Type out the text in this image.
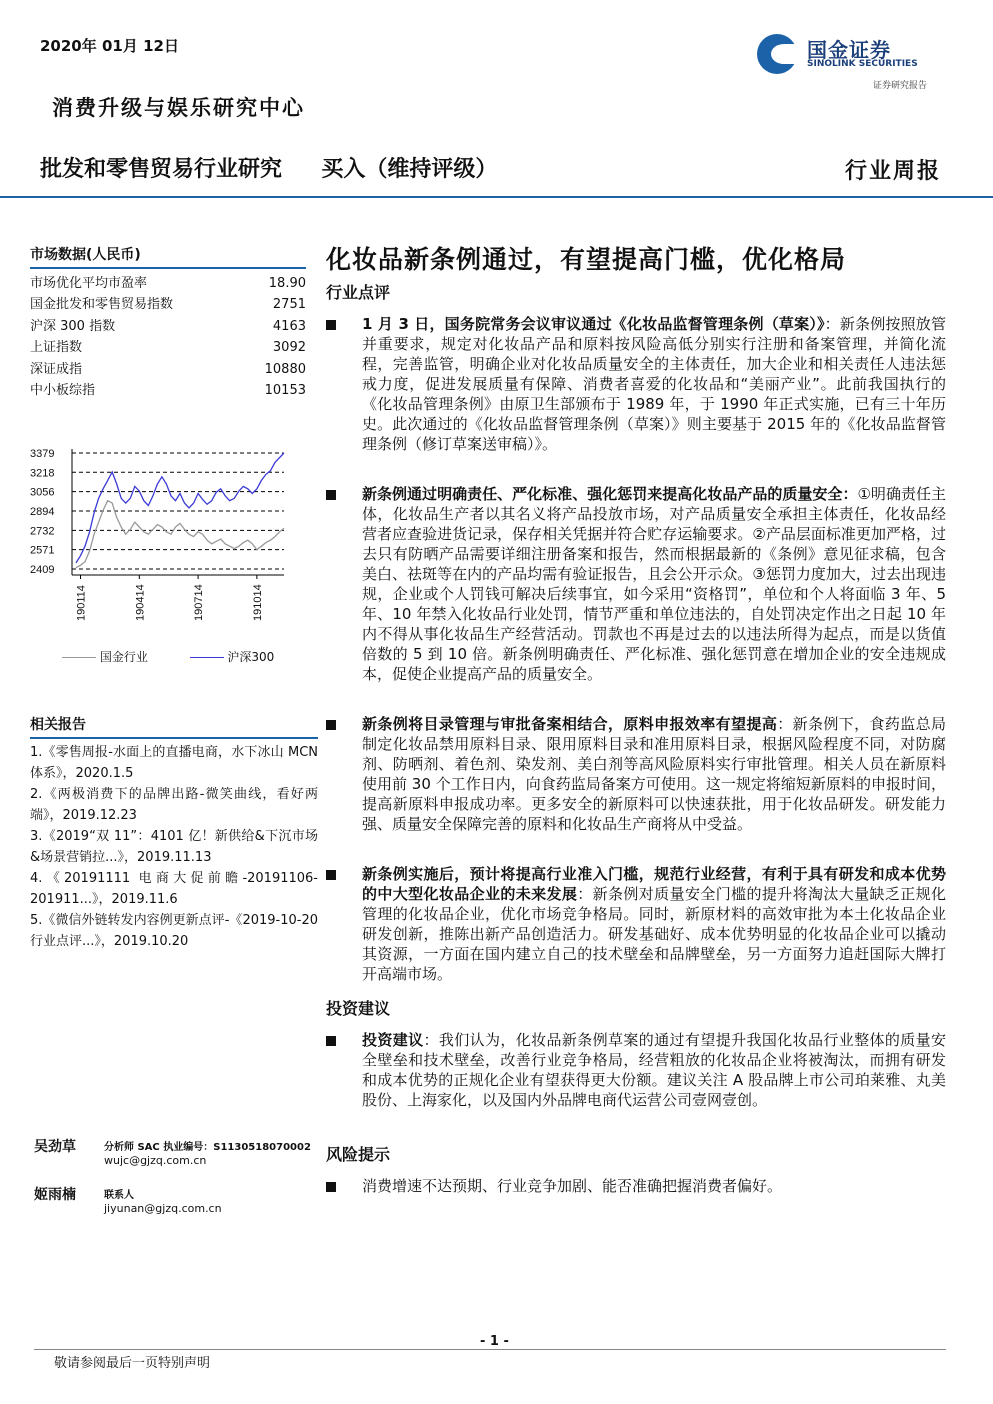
2020年 01月 12日
消费升级与娱乐研究中心
国金证券
SINOLINK SECURITIES
证券研究报告
批发和零售贸易行业研究 买入（维持评级）	行业周报
市场数据(人民币)
市场优化平均市盈率	18.90
国金批发和零售贸易指数	2751
沪深 300 指数	4163
上证指数	3092
深证成指	10880
中小板综指	10153
3379
3218
3056
2894
2732
2571
2409
190114	190414	190714	191014
国金行业	沪深300
相关报告
1.《零售周报-水面上的直播电商，水下冰山 MCN 体系》，2020.1.5
2.《两极消费下的品牌出路-微笑曲线，看好两端》，2019.12.23
3.《2019“双 11”：4101 亿！新供给&下沉市场&场景营销拉...》，2019.11.13
4.《20191111 电商大促前瞻-20191106-201911...》，2019.11.6
5.《微信外链转发内容例更新点评-《2019-10-20 行业点评...》，2019.10.20
吴劲草	分析师 SAC 执业编号：S1130518070002
wujc@gjzq.com.cn
姬雨楠	联系人
jiyunan@gjzq.com.cn
化妆品新条例通过，有望提高门槛，优化格局
行业点评
1 月 3 日，国务院常务会议审议通过《化妆品监督管理条例（草案）》：新条例按照放管并重要求，规定对化妆品产品和原料按风险高低分别实行注册和备案管理，并简化流程，完善监管，明确企业对化妆品质量安全的主体责任，加大企业和相关责任人违法惩戒力度，促进发展质量有保障、消费者喜爱的化妆品和“美丽产业”。此前我国执行的《化妆品管理条例》由原卫生部颁布于 1989 年，于 1990 年正式实施，已有三十年历史。此次通过的《化妆品监督管理条例（草案）》则主要基于 2015 年的《化妆品监督管理条例（修订草案送审稿）》。
新条例通过明确责任、严化标准、强化惩罚来提高化妆品产品的质量安全：①明确责任主体，化妆品生产者以其名义将产品投放市场，对产品质量安全承担主体责任，化妆品经营者应查验进货记录，保存相关凭据并符合贮存运输要求。②产品层面标准更加严格，过去只有防晒产品需要详细注册备案和报告，然而根据最新的《条例》意见征求稿，包含美白、祛斑等在内的产品均需有验证报告，且会公开示众。③惩罚力度加大，过去出现违规，企业或个人罚钱可解决后续事宜，如今采用“资格罚”，单位和个人将面临 3 年、5 年、10 年禁入化妆品行业处罚，情节严重和单位违法的，自处罚决定作出之日起 10 年内不得从事化妆品生产经营活动。罚款也不再是过去的以违法所得为起点，而是以货值倍数的 5 到 10 倍。新条例明确责任、严化标准、强化惩罚意在增加企业的安全违规成本，促使企业提高产品的质量安全。
新条例将目录管理与审批备案相结合，原料申报效率有望提高：新条例下，食药监总局制定化妆品禁用原料目录、限用原料目录和准用原料目录，根据风险程度不同，对防腐剂、防晒剂、着色剂、染发剂、美白剂等高风险原料实行审批管理。相关人员在新原料使用前 30 个工作日内，向食药监局备案方可使用。这一规定将缩短新原料的申报时间，提高新原料申报成功率。更多安全的新原料可以快速获批，用于化妆品研发。研发能力强、质量安全保障完善的原料和化妆品生产商将从中受益。
新条例实施后，预计将提高行业准入门槛，规范行业经营，有利于具有研发和成本优势的中大型化妆品企业的未来发展：新条例对质量安全门槛的提升将淘汰大量缺乏正规化管理的化妆品企业，优化市场竞争格局。同时，新原材料的高效审批为本土化妆品企业研发创新，推陈出新产品创造活力。研发基础好、成本优势明显的化妆品企业可以撬动其资源，一方面在国内建立自己的技术壁垒和品牌壁垒，另一方面努力追赶国际大牌打开高端市场。
投资建议
投资建议：我们认为，化妆品新条例草案的通过有望提升我国化妆品行业整体的质量安全壁垒和技术壁垒，改善行业竞争格局，经营粗放的化妆品企业将被淘汰，而拥有研发和成本优势的正规化企业有望获得更大份额。建议关注 A 股品牌上市公司珀莱雅、丸美股份、上海家化，以及国内外品牌电商代运营公司壹网壹创。
风险提示
消费增速不达预期、行业竞争加剧、能否准确把握消费者偏好。
- 1 -
敬请参阅最后一页特别声明
